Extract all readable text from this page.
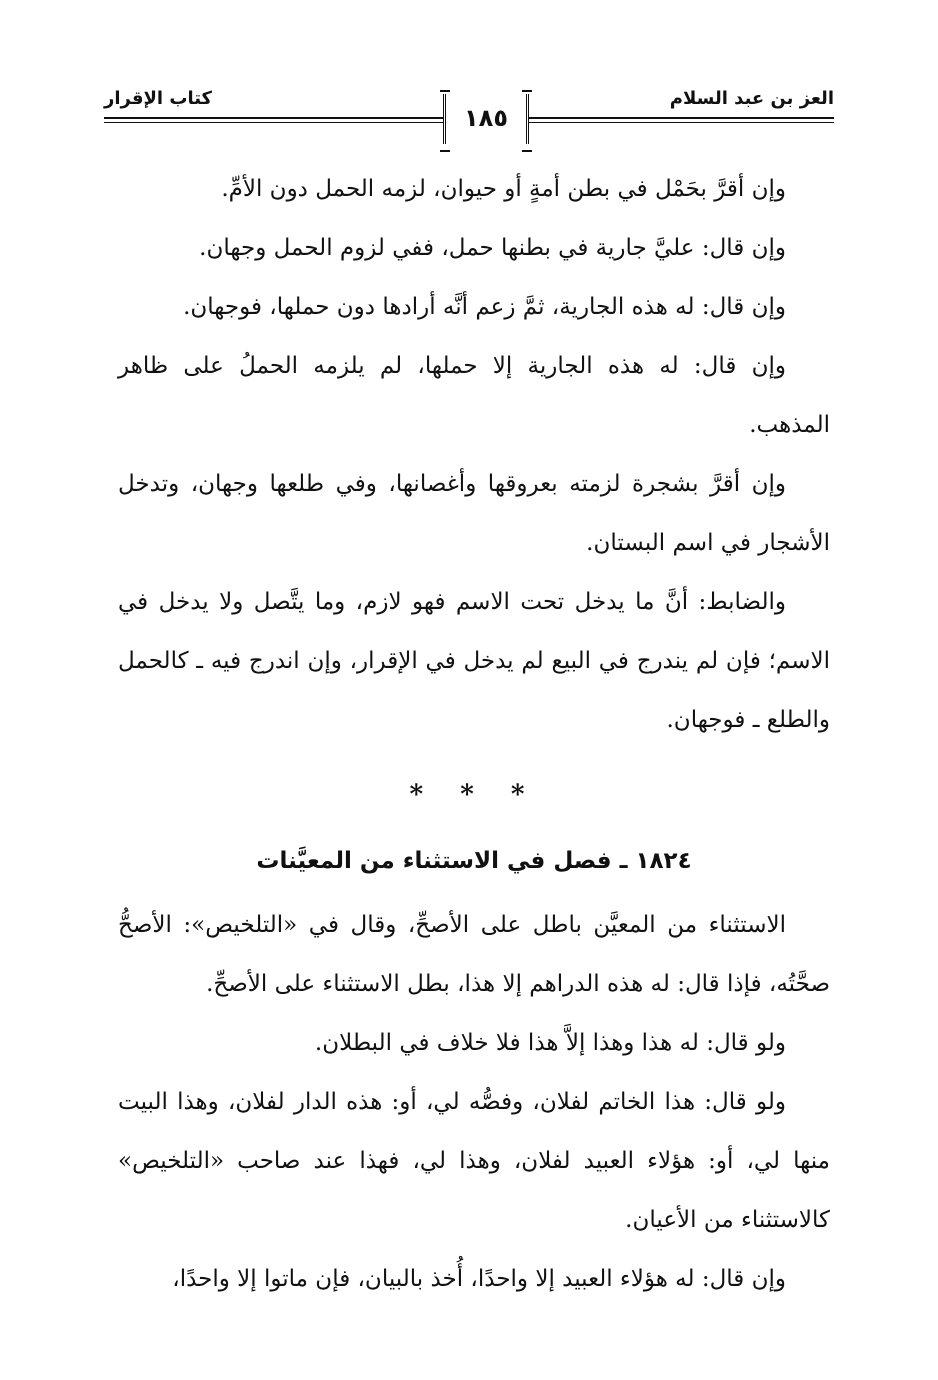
العز بن عبد السلام
كتاب الإقرار
١٨٥

وإن أقرَّ بحَمْل في بطن أمةٍ أو حيوان، لزمه الحمل دون الأمِّ.

وإن قال: عليَّ جارية في بطنها حمل، ففي لزوم الحمل وجهان.

وإن قال: له هذه الجارية، ثمَّ زعم أنَّه أرادها دون حملها، فوجهان.

وإن قال: له هذه الجارية إلا حملها، لم يلزمه الحملُ على ظاهر المذهب.

وإن أقرَّ بشجرة لزمته بعروقها وأغصانها، وفي طلعها وجهان، وتدخل الأشجار في اسم البستان.

والضابط: أنَّ ما يدخل تحت الاسم فهو لازم، وما يتَّصل ولا يدخل في الاسم؛ فإن لم يندرج في البيع لم يدخل في الإقرار، وإن اندرج فيه ـ كالحمل والطلع ـ فوجهان.

* * *
١٨٢٤ ـ فصل في الاستثناء من المعيَّنات

الاستثناء من المعيَّن باطل على الأصحِّ، وقال في «التلخيص»: الأصحُّ صحَّتُه، فإذا قال: له هذه الدراهم إلا هذا، بطل الاستثناء على الأصحِّ.

ولو قال: له هذا وهذا إلاَّ هذا فلا خلاف في البطلان.

ولو قال: هذا الخاتم لفلان، وفصُّه لي، أو: هذه الدار لفلان، وهذا البيت منها لي، أو: هؤلاء العبيد لفلان، وهذا لي، فهذا عند صاحب «التلخيص» كالاستثناء من الأعيان.

وإن قال: له هؤلاء العبيد إلا واحدًا، أُخذ بالبيان، فإن ماتوا إلا واحدًا،
